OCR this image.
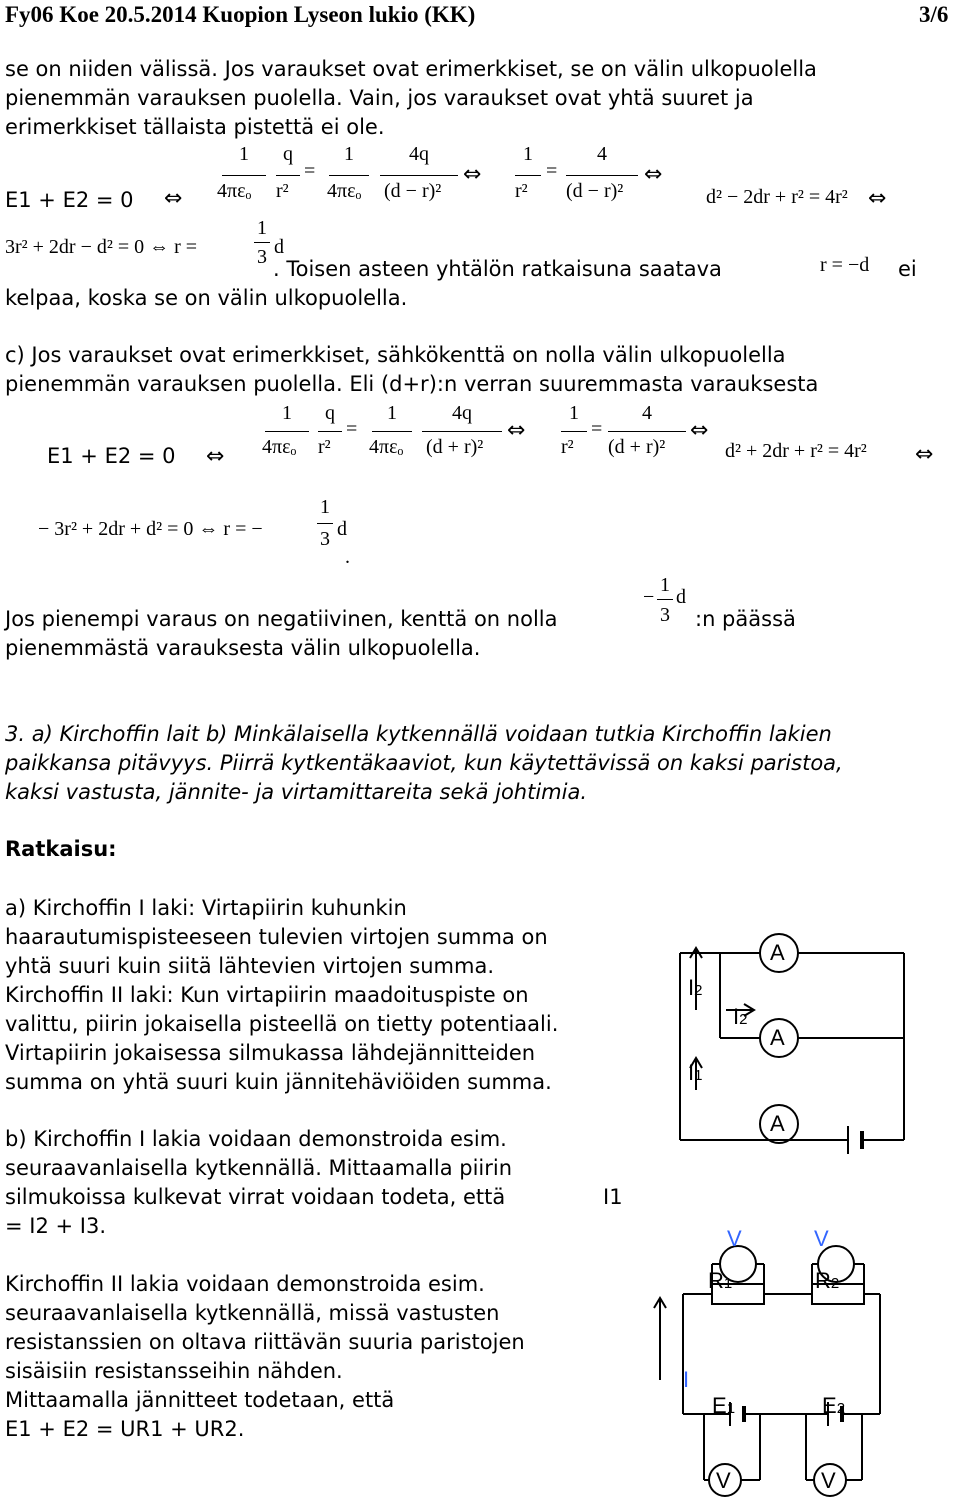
Fy06 Koe 20.5.2014 Kuopion Lyseon lukio (KK)	3/6
se on niiden välissä. Jos varaukset ovat erimerkkiset, se on välin ulkopuolella
pienemmän varauksen puolella. Vain, jos varaukset ovat yhtä suuret ja
erimerkkiset tällaista pistettä ei ole.
E1 + E2 = 0 ⇔
1
4πεₒ
q
r²
=
1
4πεₒ
4q
(d − r)²
⇔
1
r²
=
4
(d − r)²
⇔
d² − 2dr + r² = 4r² ⇔
3r² + 2dr − d² = 0 ⇔ r =
1
3 d
. Toisen asteen yhtälön ratkaisuna saatava	r = −d ei
kelpaa, koska se on välin ulkopuolella.
c) Jos varaukset ovat erimerkkiset, sähkökenttä on nolla välin ulkopuolella
pienemmän varauksen puolella. Eli (d+r):n verran suuremmasta varauksesta
E1 + E2 = 0 ⇔
1
4πεₒ
q
r²
=
1
4πεₒ
4q
(d + r)²
⇔
1
r²
=
4
(d + r)²
⇔
d² + 2dr + r² = 4r² ⇔
− 3r² + 2dr + d² = 0 ⇔ r = −
1
3 d
.
1
3
− d
Jos pienempi varaus on negatiivinen, kenttä on nolla	:n päässä
pienemmästä varauksesta välin ulkopuolella.
3. a) Kirchoffin lait b) Minkälaisella kytkennällä voidaan tutkia Kirchoffin lakien
paikkansa pitävyys. Piirrä kytkentäkaaviot, kun käytettävissä on kaksi paristoa,
kaksi vastusta, jännite- ja virtamittareita sekä johtimia.
Ratkaisu:
a) Kirchoffin I laki: Virtapiirin kuhunkin
haarautumispisteeseen tulevien virtojen summa on
yhtä suuri kuin siitä lähtevien virtojen summa.
Kirchoffin II laki: Kun virtapiirin maadoituspiste on
valittu, piirin jokaisella pisteellä on tietty potentiaali.
Virtapiirin jokaisessa silmukassa lähdejännitteiden
summa on yhtä suuri kuin jännitehäviöiden summa.
b) Kirchoffin I lakia voidaan demonstroida esim.
seuraavanlaisella kytkennällä. Mittaamalla piirin
silmukoissa kulkevat virrat voidaan todeta, että	I1
= I2 + I3.
Kirchoffin II lakia voidaan demonstroida esim.
seuraavanlaisella kytkennällä, missä vastusten
resistanssien on oltava riittävän suuria paristojen
sisäisiin resistansseihin nähden.
Mittaamalla jännitteet todetaan, että
E1 + E2 = UR1 + UR2.
A
A
A
I2
I2
I1
V	V
R1	R2
I
E1	E2
V	V
